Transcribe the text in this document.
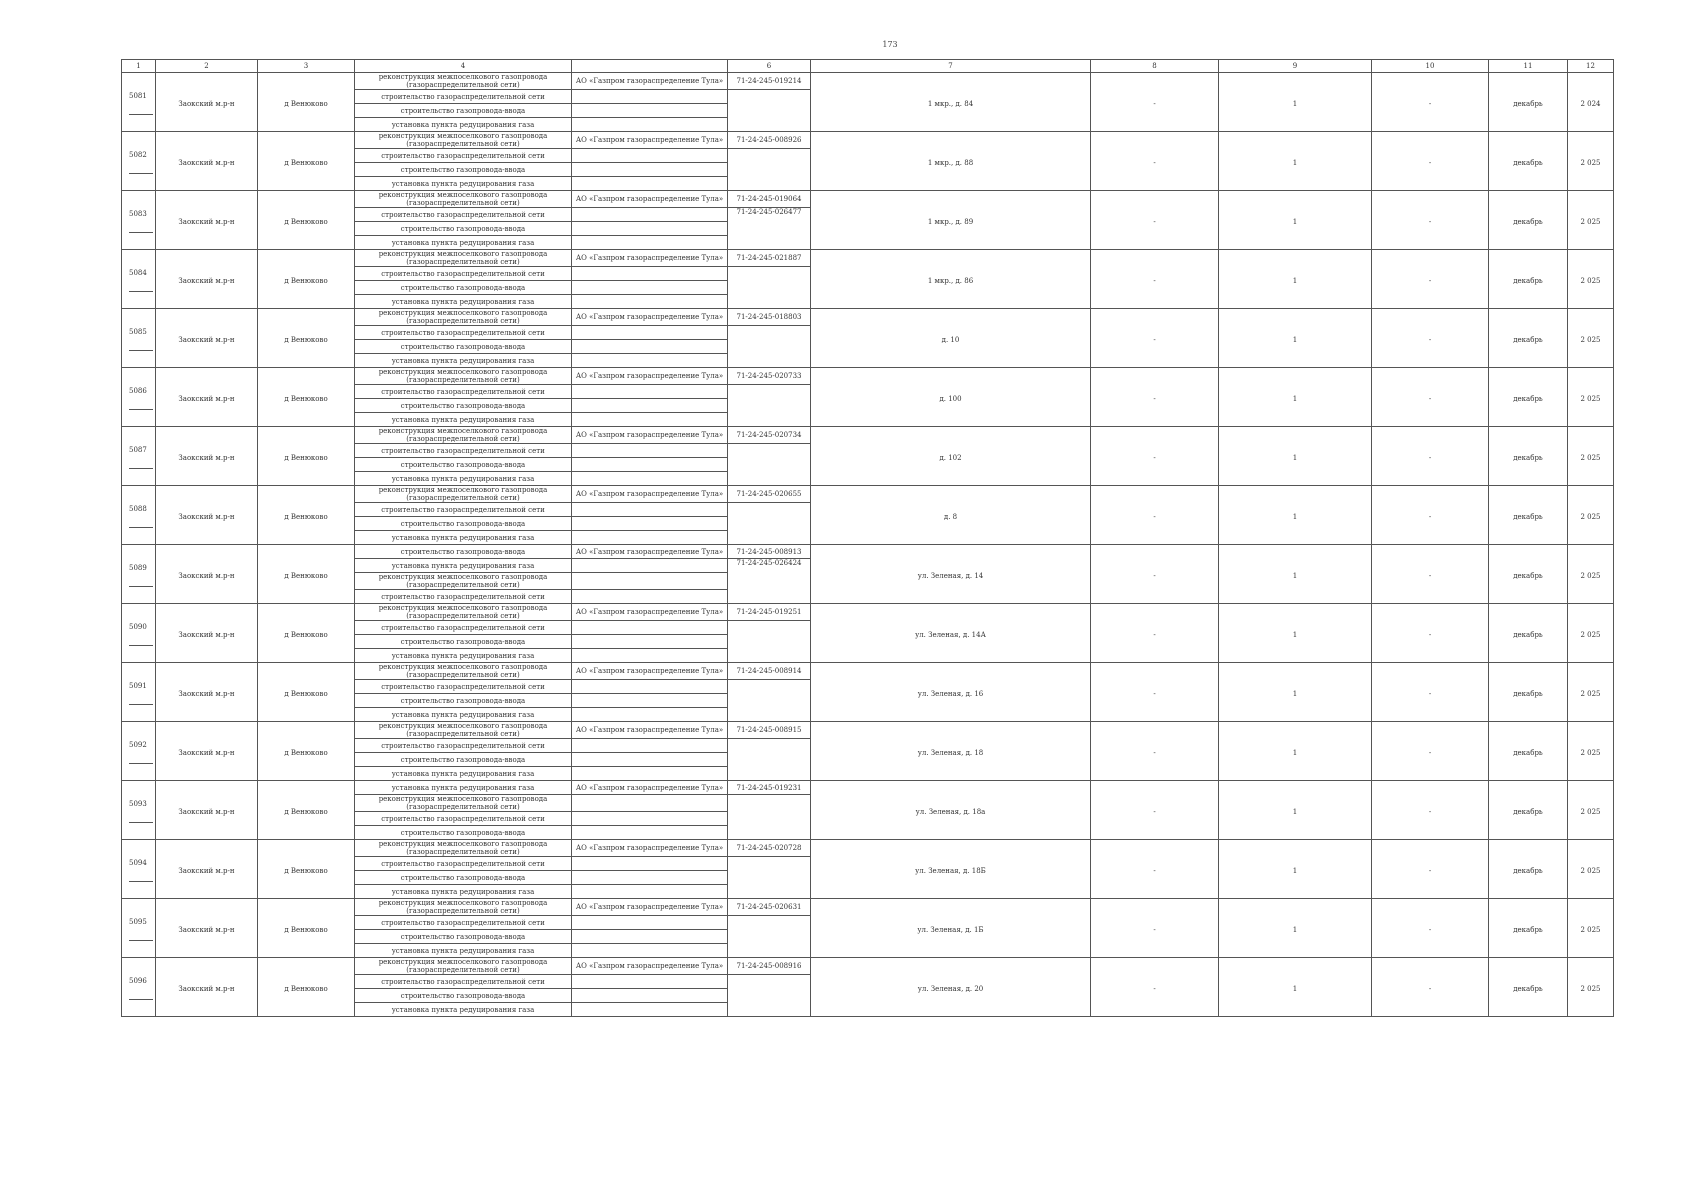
173
1	2	3	4		6	7	8	9	10	11	12

5081	Заокский м.р-н	д Венюково	реконструкция межпоселкового газопровода (газораспределительной сети)	АО «Газпром газораспределение Тула»	71-24-245-019214	1 мкр., д. 84	-	1	-	декабрь	2 024
			строительство газораспределительной сети								
			строительство газопровода-ввода								
			установка пункта редуцирования газа								

5082	Заокский м.р-н	д Венюково	реконструкция межпоселкового газопровода (газораспределительной сети)	АО «Газпром газораспределение Тула»	71-24-245-008926	1 мкр., д. 88	-	1	-	декабрь	2 025
			строительство газораспределительной сети								
			строительство газопровода-ввода								
			установка пункта редуцирования газа								

5083	Заокский м.р-н	д Венюково	реконструкция межпоселкового газопровода (газораспределительной сети)	АО «Газпром газораспределение Тула»	71-24-245-019064	1 мкр., д. 89	-	1	-	декабрь	2 025
			строительство газораспределительной сети		71-24-245-026477						
			строительство газопровода-ввода								
			установка пункта редуцирования газа								

5084	Заокский м.р-н	д Венюково	реконструкция межпоселкового газопровода (газораспределительной сети)	АО «Газпром газораспределение Тула»	71-24-245-021887	1 мкр., д. 86	-	1	-	декабрь	2 025
			строительство газораспределительной сети								
			строительство газопровода-ввода								
			установка пункта редуцирования газа								

5085	Заокский м.р-н	д Венюково	реконструкция межпоселкового газопровода (газораспределительной сети)	АО «Газпром газораспределение Тула»	71-24-245-018803	д. 10	-	1	-	декабрь	2 025
			строительство газораспределительной сети								
			строительство газопровода-ввода								
			установка пункта редуцирования газа								

5086	Заокский м.р-н	д Венюково	реконструкция межпоселкового газопровода (газораспределительной сети)	АО «Газпром газораспределение Тула»	71-24-245-020733	д. 100	-	1	-	декабрь	2 025
			строительство газораспределительной сети								
			строительство газопровода-ввода								
			установка пункта редуцирования газа								

5087	Заокский м.р-н	д Венюково	реконструкция межпоселкового газопровода (газораспределительной сети)	АО «Газпром газораспределение Тула»	71-24-245-020734	д. 102	-	1	-	декабрь	2 025
			строительство газораспределительной сети								
			строительство газопровода-ввода								
			установка пункта редуцирования газа								

5088	Заокский м.р-н	д Венюково	реконструкция межпоселкового газопровода (газораспределительной сети)	АО «Газпром газораспределение Тула»	71-24-245-020655	д. 8	-	1	-	декабрь	2 025
			строительство газораспределительной сети								
			строительство газопровода-ввода								
			установка пункта редуцирования газа								

5089	Заокский м.р-н	д Венюково	строительство газопровода-ввода	АО «Газпром газораспределение Тула»	71-24-245-008913	ул. Зеленая, д. 14	-	1	-	декабрь	2 025
			установка пункта редуцирования газа		71-24-245-026424						
			реконструкция межпоселкового газопровода (газораспределительной сети)								
			строительство газораспределительной сети								

5090	Заокский м.р-н	д Венюково	реконструкция межпоселкового газопровода (газораспределительной сети)	АО «Газпром газораспределение Тула»	71-24-245-019251	ул. Зеленая, д. 14А	-	1	-	декабрь	2 025
			строительство газораспределительной сети								
			строительство газопровода-ввода								
			установка пункта редуцирования газа								

5091	Заокский м.р-н	д Венюково	реконструкция межпоселкового газопровода (газораспределительной сети)	АО «Газпром газораспределение Тула»	71-24-245-008914	ул. Зеленая, д. 16	-	1	-	декабрь	2 025
			строительство газораспределительной сети								
			строительство газопровода-ввода								
			установка пункта редуцирования газа								

5092	Заокский м.р-н	д Венюково	реконструкция межпоселкового газопровода (газораспределительной сети)	АО «Газпром газораспределение Тула»	71-24-245-008915	ул. Зеленая, д. 18	-	1	-	декабрь	2 025
			строительство газораспределительной сети								
			строительство газопровода-ввода								
			установка пункта редуцирования газа								

5093	Заокский м.р-н	д Венюково	установка пункта редуцирования газа	АО «Газпром газораспределение Тула»	71-24-245-019231	ул. Зеленая, д. 18а	-	1	-	декабрь	2 025
			реконструкция межпоселкового газопровода (газораспределительной сети)								
			строительство газораспределительной сети								
			строительство газопровода-ввода								

5094	Заокский м.р-н	д Венюково	реконструкция межпоселкового газопровода (газораспределительной сети)	АО «Газпром газораспределение Тула»	71-24-245-020728	ул. Зеленая, д. 18Б	-	1	-	декабрь	2 025
			строительство газораспределительной сети								
			строительство газопровода-ввода								
			установка пункта редуцирования газа								

5095	Заокский м.р-н	д Венюково	реконструкция межпоселкового газопровода (газораспределительной сети)	АО «Газпром газораспределение Тула»	71-24-245-020631	ул. Зеленая, д. 1Б	-	1	-	декабрь	2 025
			строительство газораспределительной сети								
			строительство газопровода-ввода								
			установка пункта редуцирования газа								

5096	Заокский м.р-н	д Венюково	реконструкция межпоселкового газопровода (газораспределительной сети)	АО «Газпром газораспределение Тула»	71-24-245-008916	ул. Зеленая, д. 20	-	1	-	декабрь	2 025
			строительство газораспределительной сети								
			строительство газопровода-ввода								
			установка пункта редуцирования газа								
